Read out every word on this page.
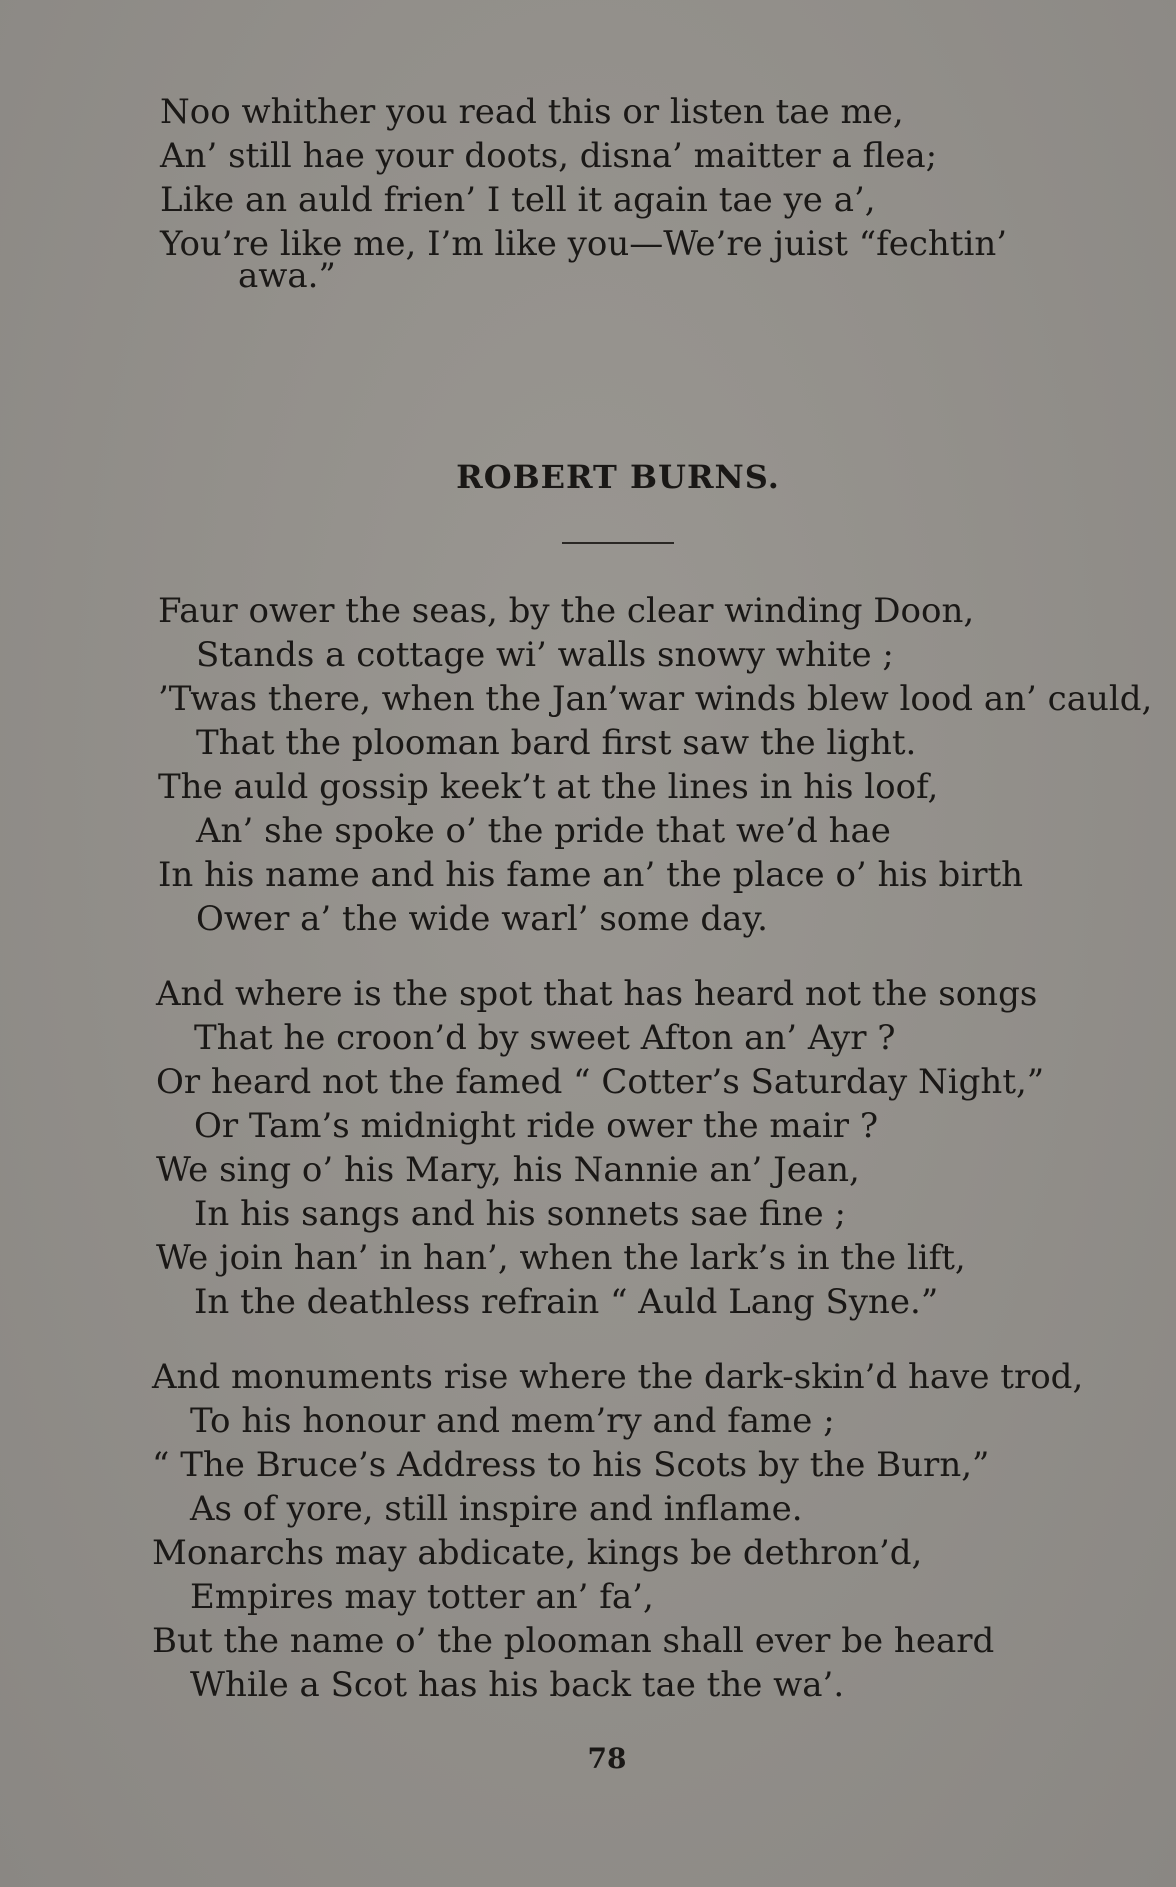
Noo whither you read this or listen tae me,
An’ still hae your doots, disna’ maitter a flea;
Like an auld frien’ I tell it again tae ye a’,
You’re like me, I’m like you—We’re juist “fechtin’
awa.”
ROBERT BURNS.
Faur ower the seas, by the clear winding Doon,
Stands a cottage wi’ walls snowy white ;
’Twas there, when the Jan’war winds blew lood an’ cauld,
That the plooman bard first saw the light.
The auld gossip keek’t at the lines in his loof,
An’ she spoke o’ the pride that we’d hae
In his name and his fame an’ the place o’ his birth
Ower a’ the wide warl’ some day.
And where is the spot that has heard not the songs
That he croon’d by sweet Afton an’ Ayr ?
Or heard not the famed “ Cotter’s Saturday Night,”
Or Tam’s midnight ride ower the mair ?
We sing o’ his Mary, his Nannie an’ Jean,
In his sangs and his sonnets sae fine ;
We join han’ in han’, when the lark’s in the lift,
In the deathless refrain “ Auld Lang Syne.”
And monuments rise where the dark-skin’d have trod,
To his honour and mem’ry and fame ;
“ The Bruce’s Address to his Scots by the Burn,”
As of yore, still inspire and inflame.
Monarchs may abdicate, kings be dethron’d,
Empires may totter an’ fa’,
But the name o’ the plooman shall ever be heard
While a Scot has his back tae the wa’.
78
